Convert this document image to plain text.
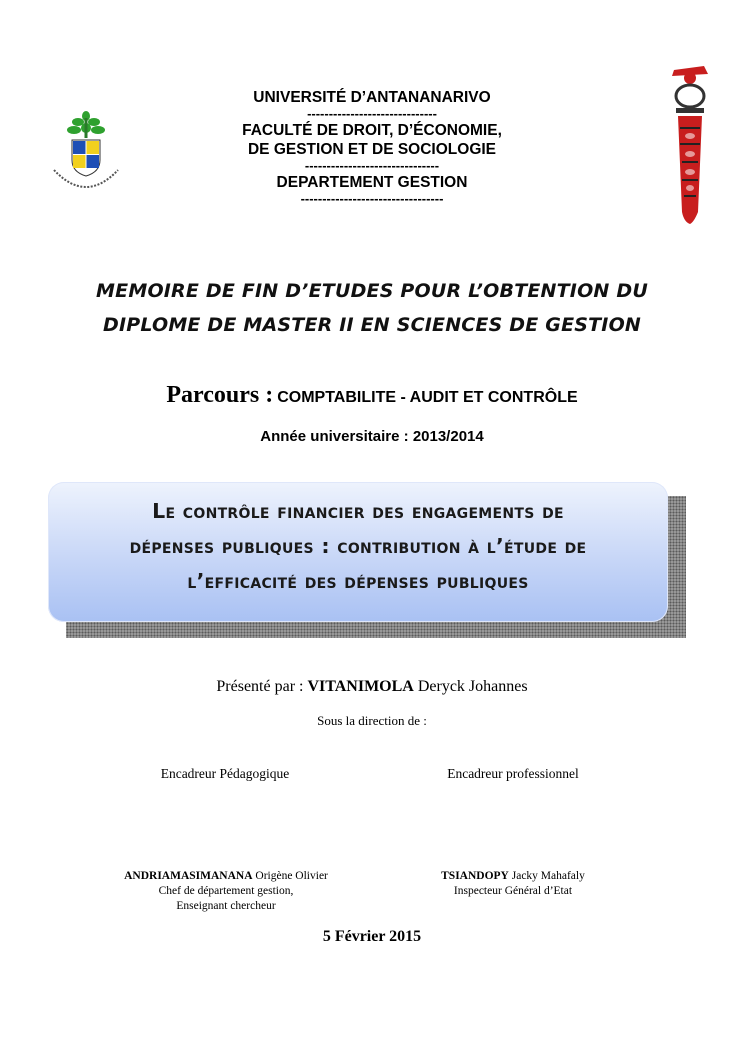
UNIVERSITÉ D’ANTANANARIVO
------------------------------
FACULTÉ DE DROIT, D’ÉCONOMIE,
DE GESTION ET DE SOCIOLOGIE
-------------------------------
DEPARTEMENT GESTION
---------------------------------
MEMOIRE DE FIN D’ETUDES POUR L’OBTENTION DU
DIPLOME DE MASTER II EN SCIENCES DE GESTION
Parcours : COMPTABILITE - AUDIT ET CONTRÔLE
Année universitaire : 2013/2014
Le contrôle financier des engagements de
dépenses publiques : contribution à l’étude de
l’efficacité des dépenses publiques
Présenté par : VITANIMOLA Deryck Johannes
Sous la direction de :
Encadreur Pédagogique	Encadreur professionnel
ANDRIAMASIMANANA Origène Olivier
Chef de département gestion,
Enseignant chercheur
TSIANDOPY Jacky Mahafaly
Inspecteur Général d’Etat
5 Février 2015
